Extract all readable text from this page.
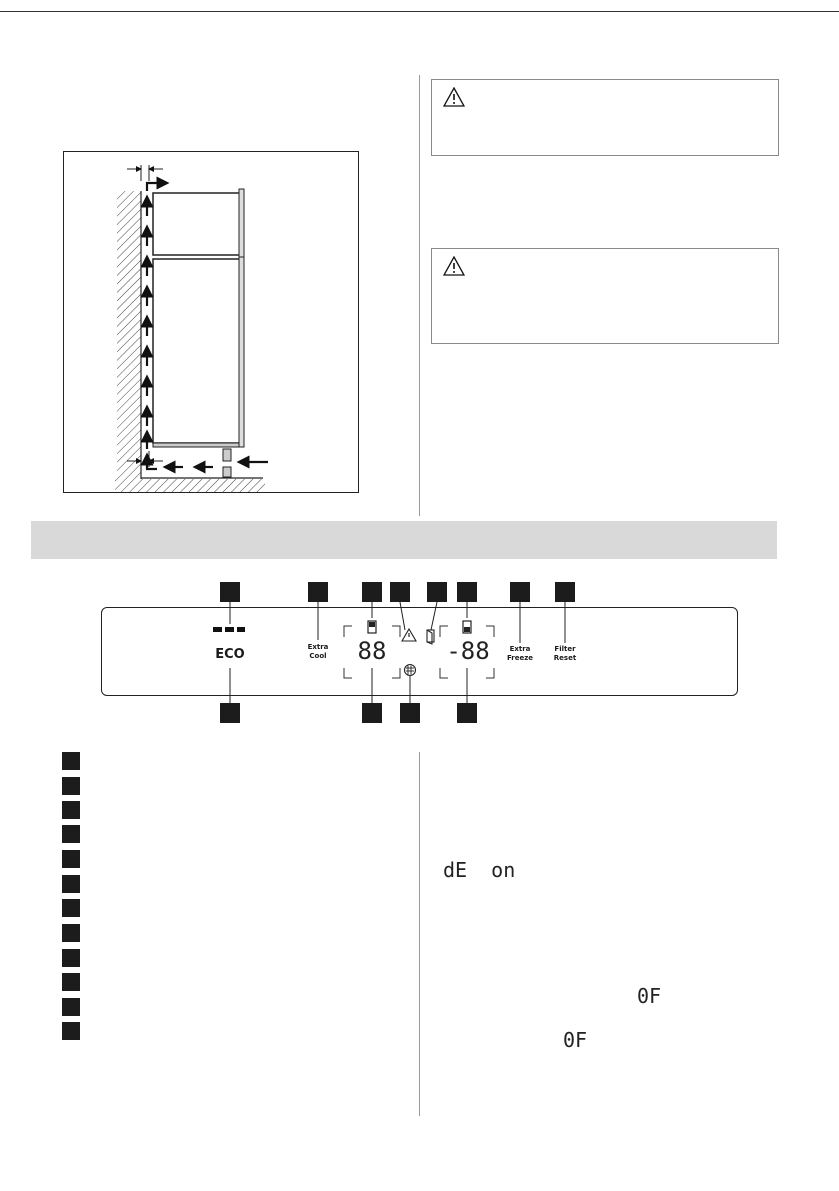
ECO	Extra
Cool
Extra
Freeze
Filter
Reset
88	-88
dE  on
0F
0F
